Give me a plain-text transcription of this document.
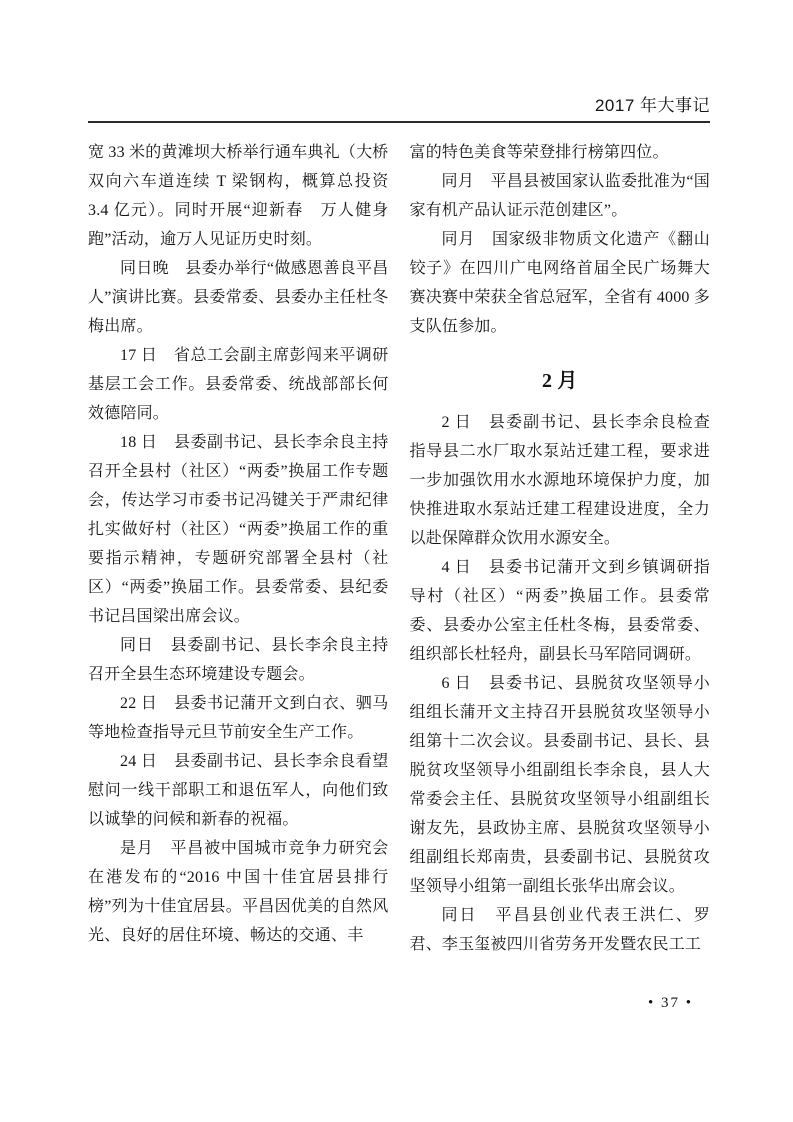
2017 年大事记

宽 33 米的黄滩坝大桥举行通车典礼（大桥双向六车道连续 T 梁钢构，概算总投资 3.4 亿元）。同时开展“迎新春　万人健身跑”活动，逾万人见证历史时刻。

同日晚　县委办举行“做感恩善良平昌人”演讲比赛。县委常委、县委办主任杜冬梅出席。

17 日　省总工会副主席彭闯来平调研基层工会工作。县委常委、统战部部长何效德陪同。

18 日　县委副书记、县长李余良主持召开全县村（社区）“两委”换届工作专题会，传达学习市委书记冯键关于严肃纪律扎实做好村（社区）“两委”换届工作的重要指示精神，专题研究部署全县村（社区）“两委”换届工作。县委常委、县纪委书记吕国梁出席会议。

同日　县委副书记、县长李余良主持召开全县生态环境建设专题会。

22 日　县委书记蒲开文到白衣、驷马等地检查指导元旦节前安全生产工作。

24 日　县委副书记、县长李余良看望慰问一线干部职工和退伍军人，向他们致以诚挚的问候和新春的祝福。

是月　平昌被中国城市竞争力研究会在港发布的“2016 中国十佳宜居县排行榜”列为十佳宜居县。平昌因优美的自然风光、良好的居住环境、畅达的交通、丰

富的特色美食等荣登排行榜第四位。

同月　平昌县被国家认监委批准为“国家有机产品认证示范创建区”。

同月　国家级非物质文化遗产《翻山铰子》在四川广电网络首届全民广场舞大赛决赛中荣获全省总冠军，全省有 4000 多支队伍参加。

2 月

2 日　县委副书记、县长李余良检查指导县二水厂取水泵站迁建工程，要求进一步加强饮用水水源地环境保护力度，加快推进取水泵站迁建工程建设进度，全力以赴保障群众饮用水源安全。

4 日　县委书记蒲开文到乡镇调研指导村（社区）“两委”换届工作。县委常委、县委办公室主任杜冬梅，县委常委、组织部长杜轻舟，副县长马军陪同调研。

6 日　县委书记、县脱贫攻坚领导小组组长蒲开文主持召开县脱贫攻坚领导小组第十二次会议。县委副书记、县长、县脱贫攻坚领导小组副组长李余良，县人大常委会主任、县脱贫攻坚领导小组副组长谢友先，县政协主席、县脱贫攻坚领导小组副组长郑南贵，县委副书记、县脱贫攻坚领导小组第一副组长张华出席会议。

同日　平昌县创业代表王洪仁、罗君、李玉玺被四川省劳务开发暨农民工工

• 37 •
